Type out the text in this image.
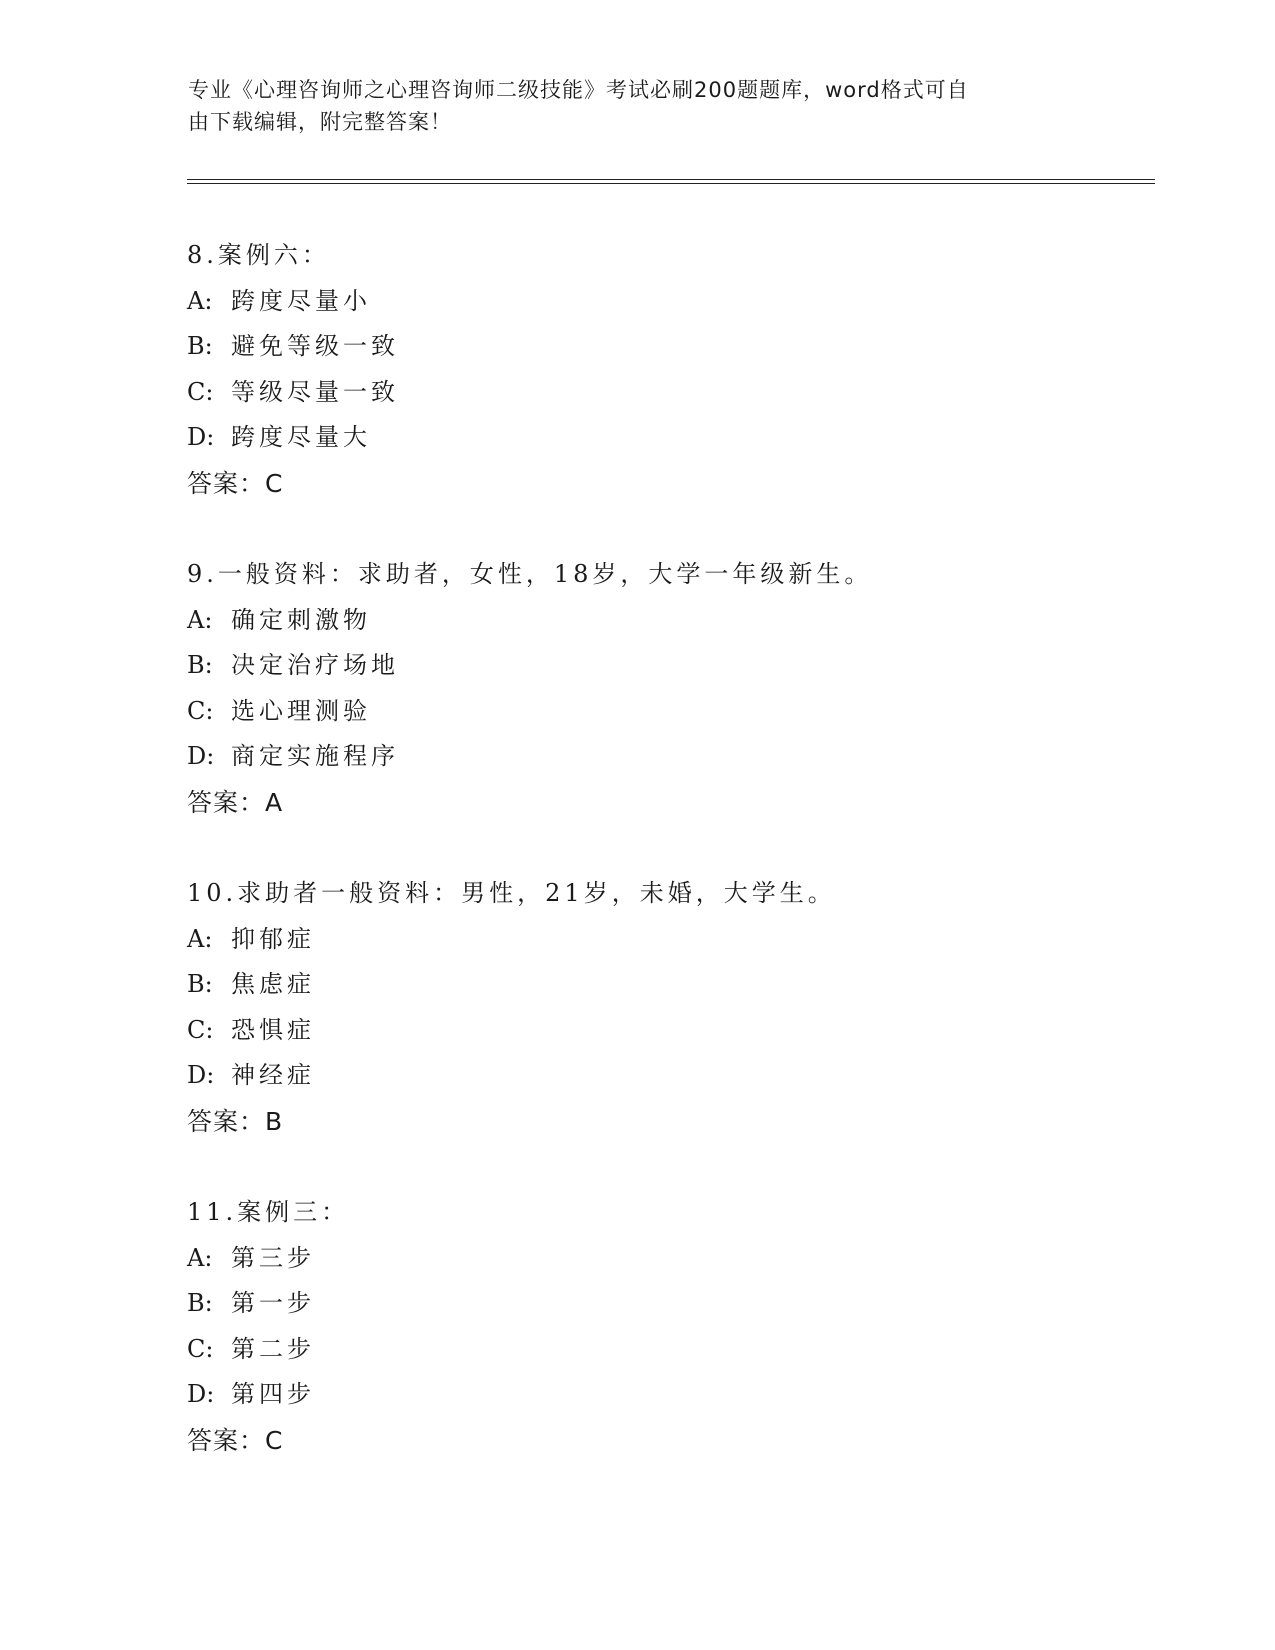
专业《心理咨询师之心理咨询师二级技能》考试必刷200题题库，word格式可自
由下载编辑，附完整答案！
8.案例六：
A: 跨度尽量小
B: 避免等级一致
C: 等级尽量一致
D: 跨度尽量大
答案：C
9.一般资料：求助者，女性，18岁，大学一年级新生。
A: 确定刺激物
B: 决定治疗场地
C: 选心理测验
D: 商定实施程序
答案：A
10.求助者一般资料：男性，21岁，未婚，大学生。
A: 抑郁症
B: 焦虑症
C: 恐惧症
D: 神经症
答案：B
11.案例三：
A: 第三步
B: 第一步
C: 第二步
D: 第四步
答案：C
